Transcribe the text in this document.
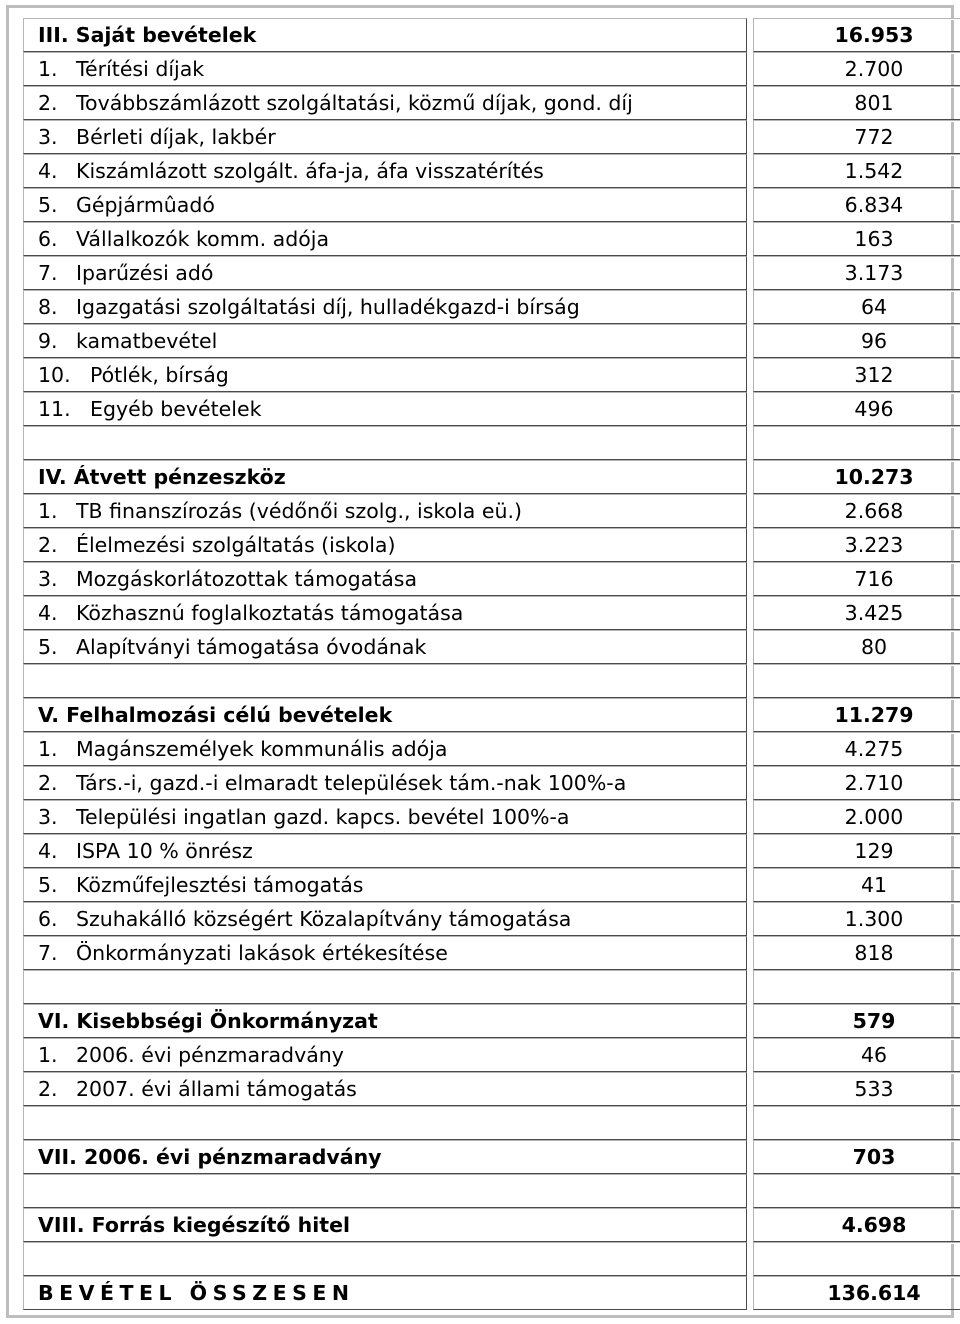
III. Saját bevételek		16.953
1. Térítési díjak		2.700
2. Továbbszámlázott szolgáltatási, közmű díjak, gond. díj		801
3. Bérleti díjak, lakbér		772
4. Kiszámlázott szolgált. áfa-ja, áfa visszatérítés		1.542
5. Gépjármûadó		6.834
6. Vállalkozók komm. adója		163
7. Iparűzési adó		3.173
8. Igazgatási szolgáltatási díj, hulladékgazd-i bírság		64
9. kamatbevétel		96
10. Pótlék, bírság		312
11. Egyéb bevételek		496

IV. Átvett pénzeszköz		10.273
1. TB finanszírozás (védőnői szolg., iskola eü.)		2.668
2. Élelmezési szolgáltatás (iskola)		3.223
3. Mozgáskorlátozottak támogatása		716
4. Közhasznú foglalkoztatás támogatása		3.425
5. Alapítványi támogatása óvodának		80

V. Felhalmozási célú bevételek		11.279
1. Magánszemélyek kommunális adója		4.275
2. Társ.-i, gazd.-i elmaradt települések tám.-nak 100%-a		2.710
3. Települési ingatlan gazd. kapcs. bevétel 100%-a		2.000
4. ISPA 10 % önrész		129
5. Közműfejlesztési támogatás		41
6. Szuhakálló községért Közalapítvány támogatása		1.300
7. Önkormányzati lakások értékesítése		818

VI. Kisebbségi Önkormányzat		579
1. 2006. évi pénzmaradvány		46
2. 2007. évi állami támogatás		533

VII. 2006. évi pénzmaradvány		703

VIII. Forrás kiegészítő hitel		4.698

BEVÉTEL ÖSSZESEN		136.614
